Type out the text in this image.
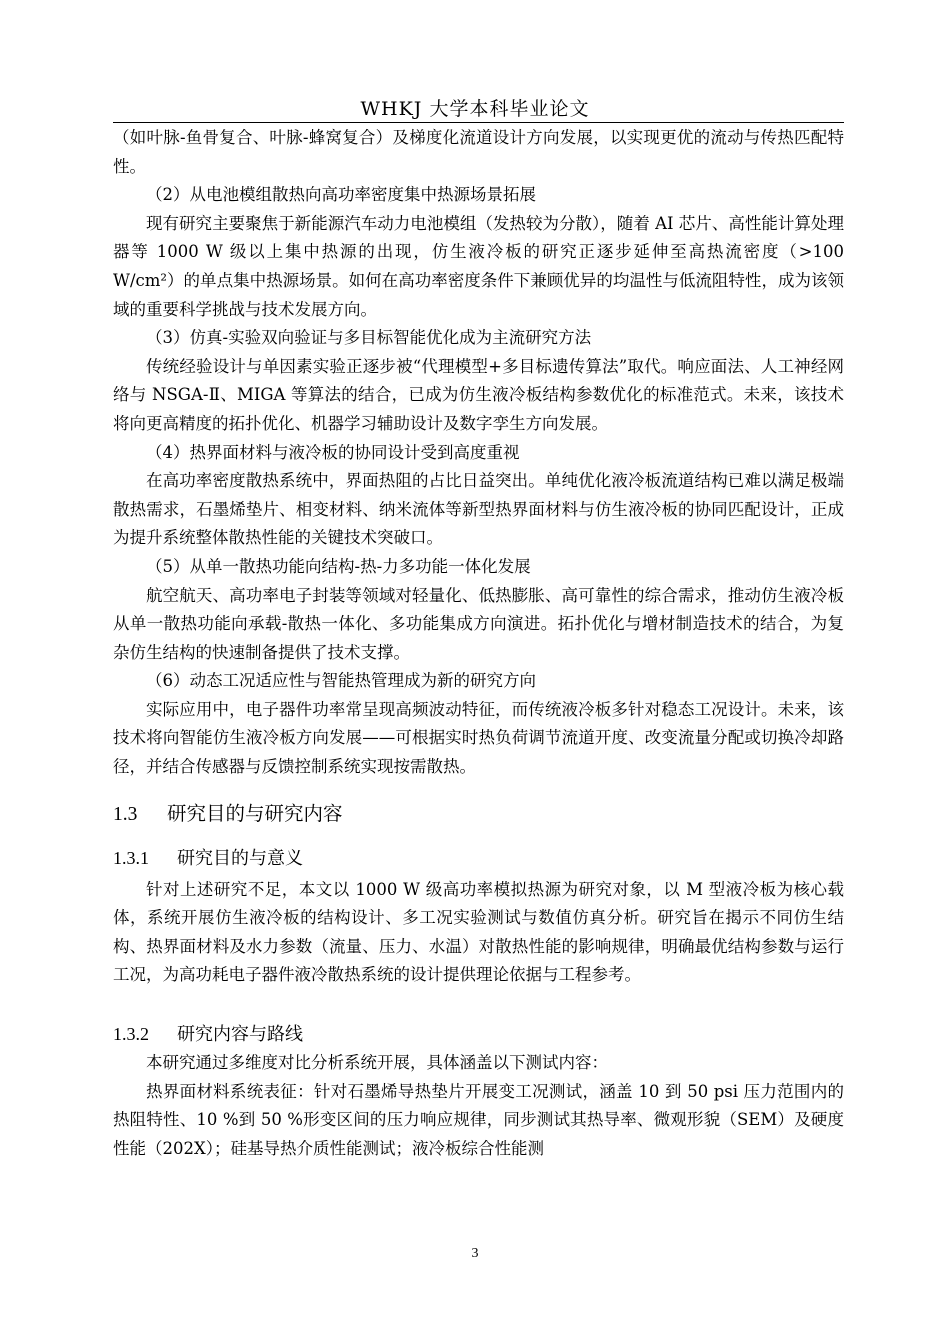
WHKJ 大学本科毕业论文

（如叶脉-鱼骨复合、叶脉-蜂窝复合）及梯度化流道设计方向发展，以实现更优的流动与传热匹配特性。

（2）从电池模组散热向高功率密度集中热源场景拓展

现有研究主要聚焦于新能源汽车动力电池模组（发热较为分散），随着 AI 芯片、高性能计算处理器等 1000 W 级以上集中热源的出现，仿生液冷板的研究正逐步延伸至高热流密度（>100 W/cm²）的单点集中热源场景。如何在高功率密度条件下兼顾优异的均温性与低流阻特性，成为该领域的重要科学挑战与技术发展方向。

（3）仿真-实验双向验证与多目标智能优化成为主流研究方法

传统经验设计与单因素实验正逐步被“代理模型+多目标遗传算法”取代。响应面法、人工神经网络与 NSGA-Ⅱ、MIGA 等算法的结合，已成为仿生液冷板结构参数优化的标准范式。未来，该技术将向更高精度的拓扑优化、机器学习辅助设计及数字孪生方向发展。

（4）热界面材料与液冷板的协同设计受到高度重视

在高功率密度散热系统中，界面热阻的占比日益突出。单纯优化液冷板流道结构已难以满足极端散热需求，石墨烯垫片、相变材料、纳米流体等新型热界面材料与仿生液冷板的协同匹配设计，正成为提升系统整体散热性能的关键技术突破口。

（5）从单一散热功能向结构-热-力多功能一体化发展

航空航天、高功率电子封装等领域对轻量化、低热膨胀、高可靠性的综合需求，推动仿生液冷板从单一散热功能向承载-散热一体化、多功能集成方向演进。拓扑优化与增材制造技术的结合，为复杂仿生结构的快速制备提供了技术支撑。

（6）动态工况适应性与智能热管理成为新的研究方向

实际应用中，电子器件功率常呈现高频波动特征，而传统液冷板多针对稳态工况设计。未来，该技术将向智能仿生液冷板方向发展——可根据实时热负荷调节流道开度、改变流量分配或切换冷却路径，并结合传感器与反馈控制系统实现按需散热。

1.3 研究目的与研究内容
1.3.1 研究目的与意义

针对上述研究不足，本文以 1000 W 级高功率模拟热源为研究对象，以 M 型液冷板为核心载体，系统开展仿生液冷板的结构设计、多工况实验测试与数值仿真分析。研究旨在揭示不同仿生结构、热界面材料及水力参数（流量、压力、水温）对散热性能的影响规律，明确最优结构参数与运行工况，为高功耗电子器件液冷散热系统的设计提供理论依据与工程参考。

1.3.2 研究内容与路线

本研究通过多维度对比分析系统开展，具体涵盖以下测试内容：

热界面材料系统表征：针对石墨烯导热垫片开展变工况测试，涵盖 10 到 50 psi 压力范围内的热阻特性、10 %到 50 %形变区间的压力响应规律，同步测试其热导率、微观形貌（SEM）及硬度性能（202X）；硅基导热介质性能测试；液冷板综合性能测

3
